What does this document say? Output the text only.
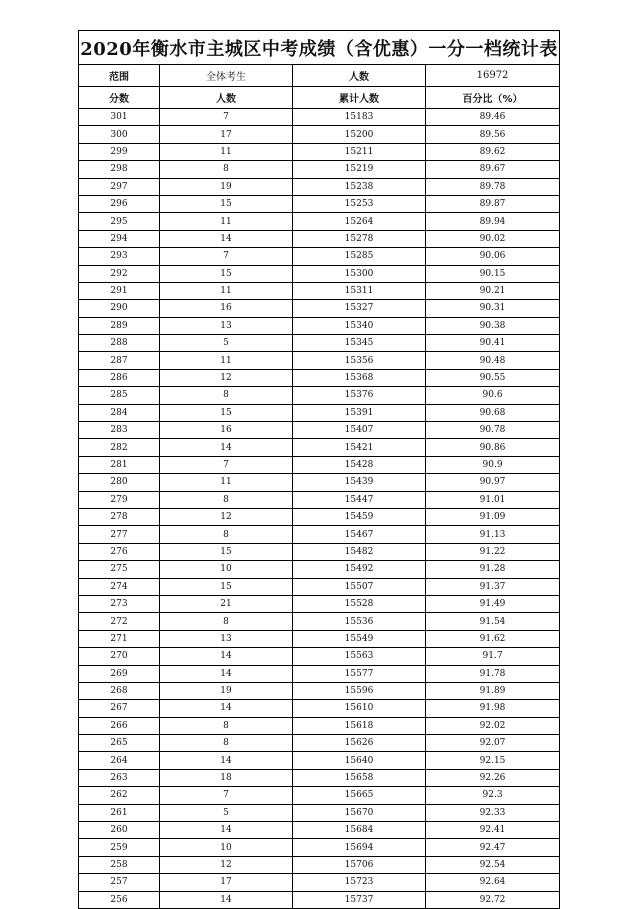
2020年衡水市主城区中考成绩（含优惠）一分一档统计表			
范围	全体考生	人数	16972
分数	人数	累计人数	百分比（%）
301	7	15183	89.46
300	17	15200	89.56
299	11	15211	89.62
298	8	15219	89.67
297	19	15238	89.78
296	15	15253	89.87
295	11	15264	89.94
294	14	15278	90.02
293	7	15285	90.06
292	15	15300	90.15
291	11	15311	90.21
290	16	15327	90.31
289	13	15340	90.38
288	5	15345	90.41
287	11	15356	90.48
286	12	15368	90.55
285	8	15376	90.6
284	15	15391	90.68
283	16	15407	90.78
282	14	15421	90.86
281	7	15428	90.9
280	11	15439	90.97
279	8	15447	91.01
278	12	15459	91.09
277	8	15467	91.13
276	15	15482	91.22
275	10	15492	91.28
274	15	15507	91.37
273	21	15528	91.49
272	8	15536	91.54
271	13	15549	91.62
270	14	15563	91.7
269	14	15577	91.78
268	19	15596	91.89
267	14	15610	91.98
266	8	15618	92.02
265	8	15626	92.07
264	14	15640	92.15
263	18	15658	92.26
262	7	15665	92.3
261	5	15670	92.33
260	14	15684	92.41
259	10	15694	92.47
258	12	15706	92.54
257	17	15723	92.64
256	14	15737	92.72
